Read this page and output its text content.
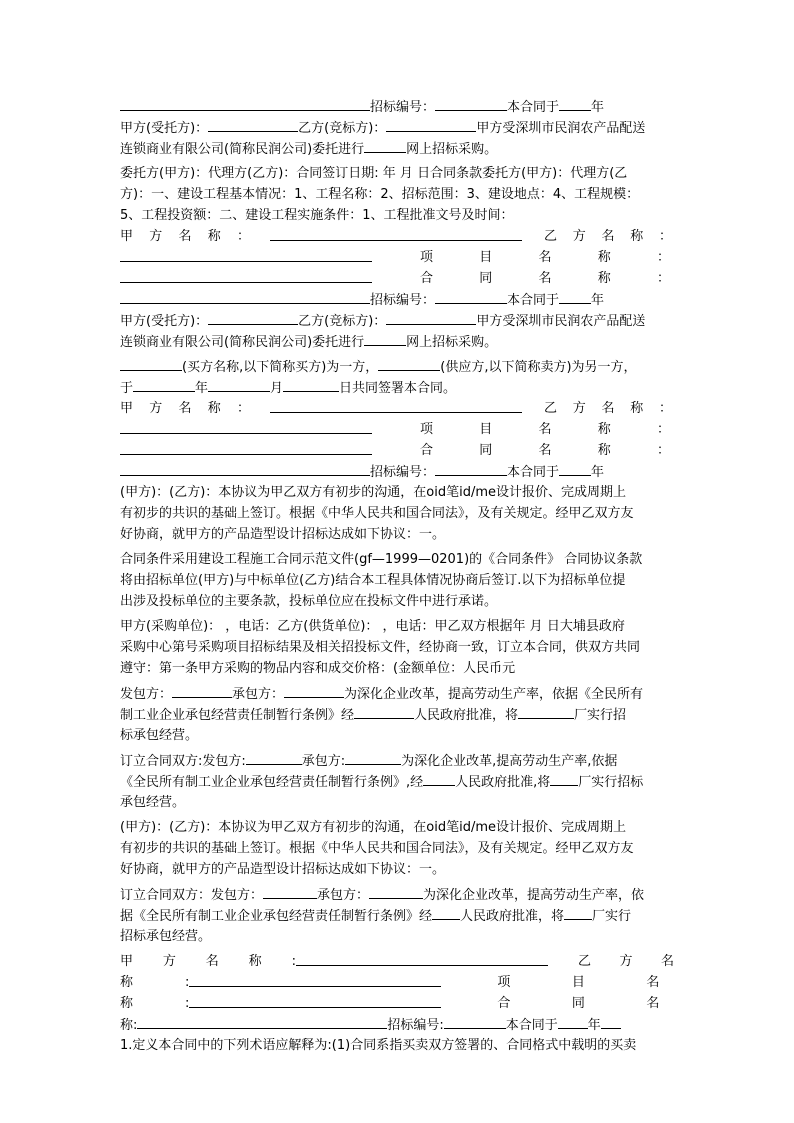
招标编号：	本合同于 年
甲方(受托方)：	乙方(竞标方)：	甲方受深圳市民润农产品配送
连锁商业有限公司(简称民润公司)委托进行	网上招标采购。
委托方(甲方)：代理方(乙方)：合同签订日期: 年 月 日合同条款委托方(甲方)：代理方(乙
方)：一、建设工程基本情况：1、工程名称：2、招标范围：3、建设地点：4、工程规模：
5、工程投资额：二、建设工程实施条件：1、工程批准文号及时间：
甲 方 名 称 ：	乙 方 名 称 ：
项	目	名	称	：
合	同	名	称	：
招标编号：	本合同于 年
甲方(受托方)：	乙方(竞标方)：	甲方受深圳市民润农产品配送
连锁商业有限公司(简称民润公司)委托进行	网上招标采购。
(买方名称,以下简称买方)为一方，	(供应方,以下简称卖方)为另一方，
于	年	月	日共同签署本合同。
甲 方 名 称 ：	乙 方 名 称 ：
项	目	名	称	：
合	同	名	称	：
招标编号：	本合同于 年
(甲方)：(乙方)：本协议为甲乙双方有初步的沟通，在oid笔id/me设计报价、完成周期上
有初步的共识的基础上签订。根据《中华人民共和国合同法》，及有关规定。经甲乙双方友
好协商，就甲方的产品造型设计招标达成如下协议：一。
合同条件采用建设工程施工合同示范文件(gf—1999—0201)的《合同条件》 合同协议条款
将由招标单位(甲方)与中标单位(乙方)结合本工程具体情况协商后签订.以下为招标单位提
出涉及投标单位的主要条款，投标单位应在投标文件中进行承诺。
甲方(采购单位)： ，电话：乙方(供货单位)： ，电话：甲乙双方根据年 月 日大埔县政府
采购中心第号采购项目招标结果及相关招投标文件，经协商一致，订立本合同，供双方共同
遵守：第一条甲方采购的物品内容和成交价格：(金额单位：人民币元
发包方：	承包方：	为深化企业改革，提高劳动生产率，依据《全民所有
制工业企业承包经营责任制暂行条例》经	人民政府批准，将	厂实行招
标承包经营。
订立合同双方:发包方:	承包方:	为深化企业改革,提高劳动生产率,依据
《全民所有制工业企业承包经营责任制暂行条例》,经 人民政府批准,将 厂实行招标
承包经营。
(甲方)：(乙方)：本协议为甲乙双方有初步的沟通，在oid笔id/me设计报价、完成周期上
有初步的共识的基础上签订。根据《中华人民共和国合同法》，及有关规定。经甲乙双方友
好协商，就甲方的产品造型设计招标达成如下协议：一。
订立合同双方：发包方：	承包方：	为深化企业改革，提高劳动生产率，依
据《全民所有制工业企业承包经营责任制暂行条例》经 人民政府批准，将 厂实行
招标承包经营。
甲 方 名 称 :	乙 方 名
称	:	项	目	名
称	:	合	同	名
称:	招标编号:	本合同于 年
1.定义本合同中的下列术语应解释为:(1)合同系指买卖双方签署的、合同格式中载明的买卖
